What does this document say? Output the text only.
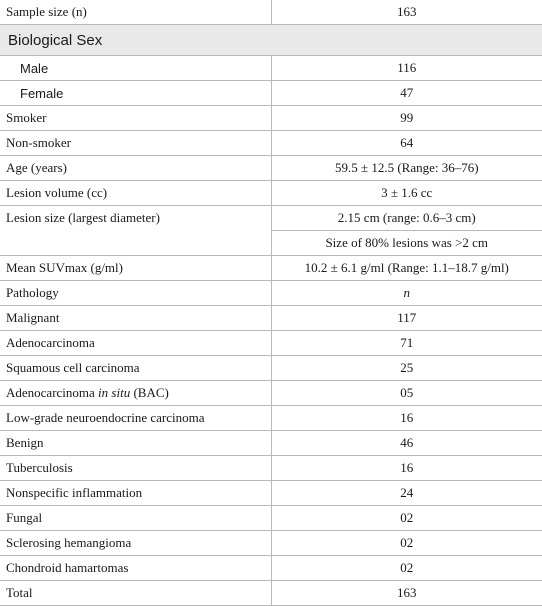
Sample size (n)	163
Biological Sex	
Male	116
Female	47
Smoker	99
Non-smoker	64
Age (years)	59.5 ± 12.5 (Range: 36–76)
Lesion volume (cc)	3 ± 1.6 cc
Lesion size (largest diameter)	2.15 cm (range: 0.6–3 cm)
	Size of 80% lesions was >2 cm
Mean SUVmax (g/ml)	10.2 ± 6.1 g/ml (Range: 1.1–18.7 g/ml)
Pathology	n
Malignant	117
Adenocarcinoma	71
Squamous cell carcinoma	25
Adenocarcinoma in situ (BAC)	05
Low-grade neuroendocrine carcinoma	16
Benign	46
Tuberculosis	16
Nonspecific inflammation	24
Fungal	02
Sclerosing hemangioma	02
Chondroid hamartomas	02
Total	163
